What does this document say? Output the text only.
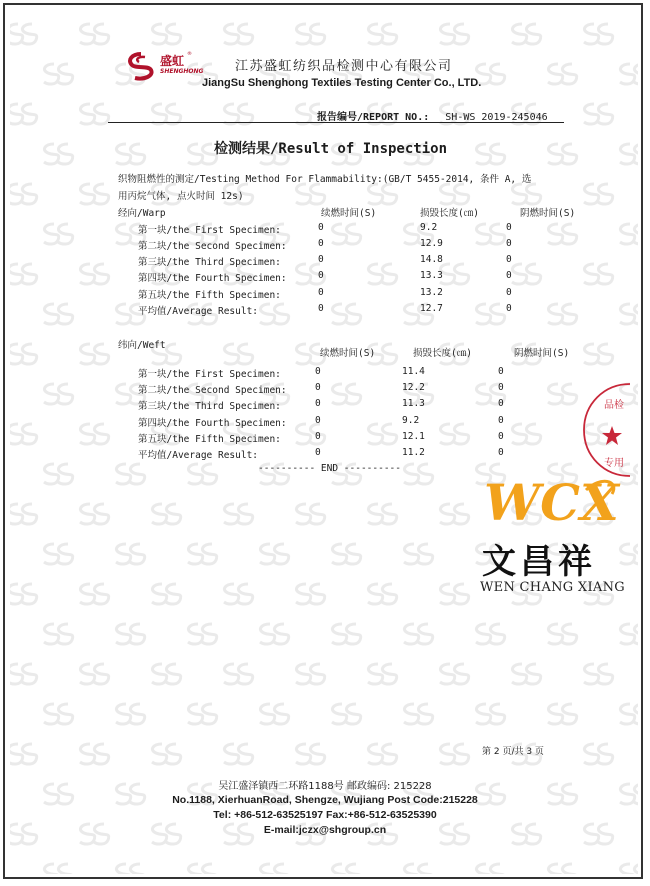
盛虹 ®
SHENGHONG 江苏盛虹纺织品检测中心有限公司
JiangSu Shenghong Textiles Testing Center Co., LTD.
报告编号/REPORT NO.: SH-WS 2019-245046
检测结果/Result of Inspection
织物阻燃性的测定/Testing Method For Flammability:(GB/T 5455-2014, 条件 A, 选
用丙烷气体, 点火时间 12s)
经向/Warp	续燃时间(S)	损毁长度(㎝)	阴燃时间(S)
第一块/the First Specimen:	0	9.2	0
第二块/the Second Specimen:	0	12.9	0
第三块/the Third Specimen:	0	14.8	0
第四块/the Fourth Specimen:	0	13.3	0
第五块/the Fifth Specimen:	0	13.2	0
平均值/Average Result:	0	12.7	0
纬向/Weft
续燃时间(S)	损毁长度(㎝)	阴燃时间(S)
第一块/the First Specimen:	0	11.4	0
第二块/the Second Specimen:	0	12.2	0
第三块/the Third Specimen:	0	11.3	0
第四块/the Fourth Specimen:	0	9.2	0
第五块/the Fifth Specimen:	0	12.1	0
平均值/Average Result:	0	11.2	0
---------- END ----------
品检
专用
WCX
文昌祥
WEN CHANG XIANG
第 2 页/共 3 页
吴江盛泽镇西二环路1188号 邮政编码: 215228
No.1188, XierhuanRoad, Shengze, Wujiang Post Code:215228
Tel: +86-512-63525197 Fax:+86-512-63525390
E-mail:jczx@shgroup.cn
